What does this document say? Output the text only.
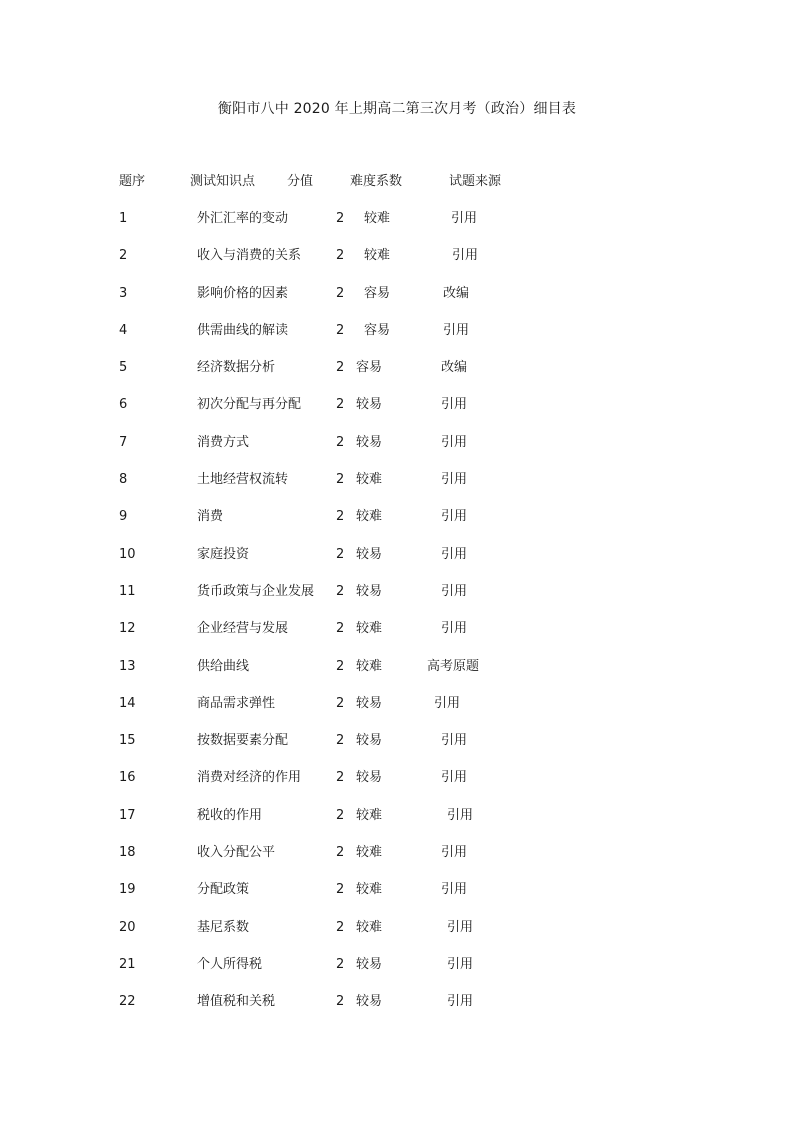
衡阳市八中 2020 年上期高二第三次月考（政治）细目表
题序	测试知识点 分值	难度系数	试题来源
1	外汇汇率的变动	2 较难	引用
2	收入与消费的关系	2 较难	引用
3	影响价格的因素	2 容易	改编
4	供需曲线的解读	2 容易	引用
5	经济数据分析	2 容易	改编
6	初次分配与再分配	2 较易	引用
7	消费方式	2 较易	引用
8	土地经营权流转	2 较难	引用
9	消费	2 较难	引用
10	家庭投资	2 较易	引用
11	货币政策与企业发展 2 较易	引用
12	企业经营与发展	2 较难	引用
13	供给曲线	2 较难	高考原题
14	商品需求弹性	2 较易	引用
15	按数据要素分配	2 较易	引用
16	消费对经济的作用	2 较易	引用
17	税收的作用	2 较难	引用
18	收入分配公平	2 较难	引用
19	分配政策	2 较难	引用
20	基尼系数	2 较难	引用
21	个人所得税	2 较易	引用
22	增值税和关税	2 较易	引用
